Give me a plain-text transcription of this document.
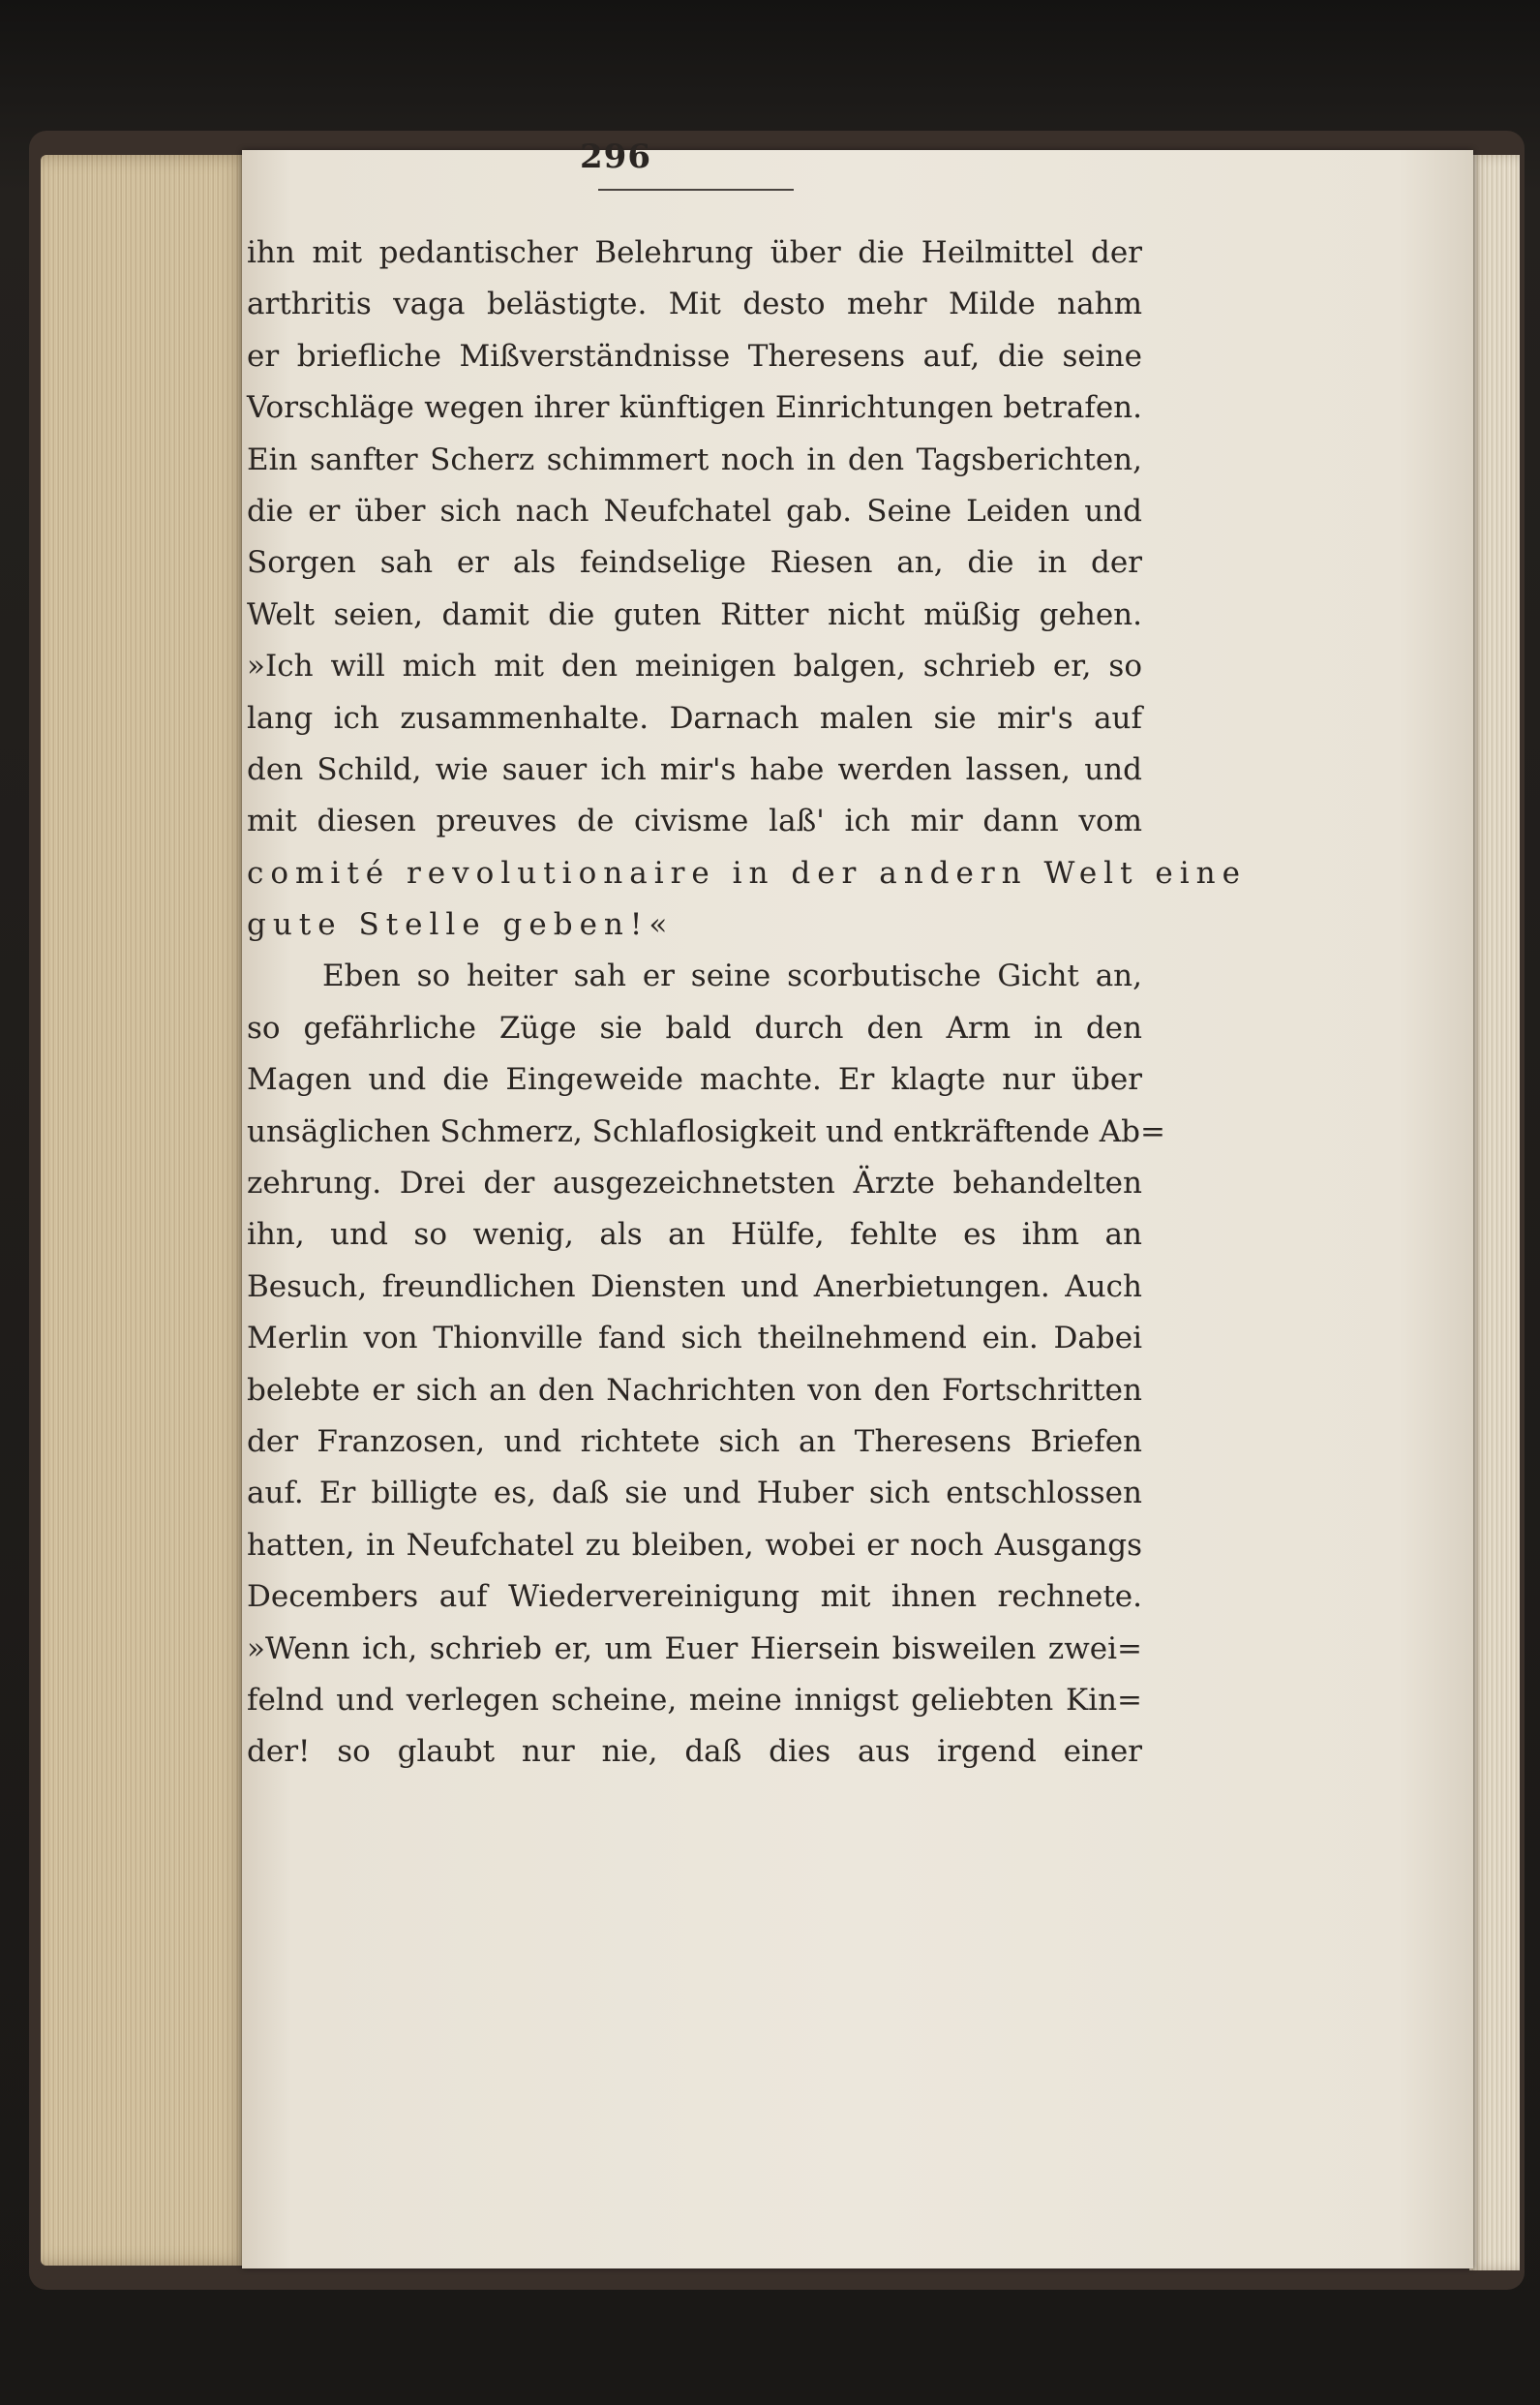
296
ihn mit pedantischer Belehrung über die Heilmittel der
arthritis vaga belästigte. Mit desto mehr Milde nahm
er briefliche Mißverständnisse Theresens auf, die seine
Vorschläge wegen ihrer künftigen Einrichtungen betrafen.
Ein sanfter Scherz schimmert noch in den Tagsberichten,
die er über sich nach Neufchatel gab. Seine Leiden und
Sorgen sah er als feindselige Riesen an, die in der
Welt seien, damit die guten Ritter nicht müßig gehen.
»Ich will mich mit den meinigen balgen, schrieb er, so
lang ich zusammenhalte. Darnach malen sie mir's auf
den Schild, wie sauer ich mir's habe werden lassen, und
mit diesen preuves de civisme laß' ich mir dann vom
comité revolutionaire in der andern Welt eine
gute Stelle geben!«
Eben so heiter sah er seine scorbutische Gicht an,
so gefährliche Züge sie bald durch den Arm in den
Magen und die Eingeweide machte. Er klagte nur über
unsäglichen Schmerz, Schlaflosigkeit und entkräftende Ab=
zehrung. Drei der ausgezeichnetsten Ärzte behandelten
ihn, und so wenig, als an Hülfe, fehlte es ihm an
Besuch, freundlichen Diensten und Anerbietungen. Auch
Merlin von Thionville fand sich theilnehmend ein. Dabei
belebte er sich an den Nachrichten von den Fortschritten
der Franzosen, und richtete sich an Theresens Briefen
auf. Er billigte es, daß sie und Huber sich entschlossen
hatten, in Neufchatel zu bleiben, wobei er noch Ausgangs
Decembers auf Wiedervereinigung mit ihnen rechnete.
»Wenn ich, schrieb er, um Euer Hiersein bisweilen zwei=
felnd und verlegen scheine, meine innigst geliebten Kin=
der! so glaubt nur nie, daß dies aus irgend einer
